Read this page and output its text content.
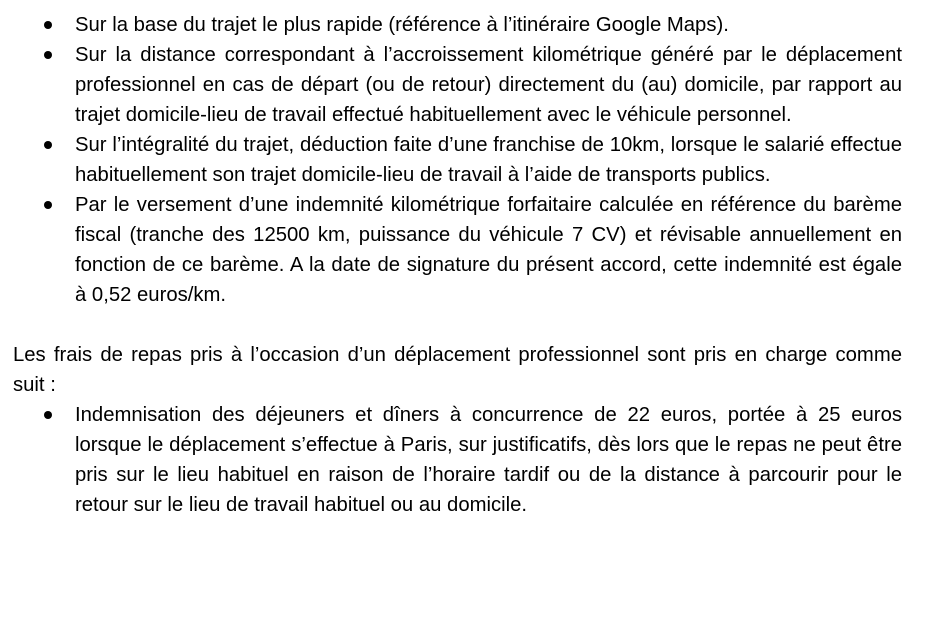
Sur la base du trajet le plus rapide (référence à l’itinéraire Google Maps).
Sur la distance correspondant à l’accroissement kilométrique généré par le déplacement professionnel en cas de départ (ou de retour) directement du (au) domicile, par rapport au trajet domicile-lieu de travail effectué habituellement avec le véhicule personnel.
Sur l’intégralité du trajet, déduction faite d’une franchise de 10km, lorsque le salarié effectue habituellement son trajet domicile-lieu de travail à l’aide de transports publics.
Par le versement d’une indemnité kilométrique forfaitaire calculée en référence du barème fiscal (tranche des 12500 km, puissance du véhicule 7 CV) et révisable annuellement en fonction de ce barème. A la date de signature du présent accord, cette indemnité est égale à 0,52 euros/km.

Les frais de repas pris à l’occasion d’un déplacement professionnel sont pris en charge comme suit :

Indemnisation des déjeuners et dîners à concurrence de 22 euros, portée à 25 euros lorsque le déplacement s’effectue à Paris, sur justificatifs, dès lors que le repas ne peut être pris sur le lieu habituel en raison de l’horaire tardif ou de la distance à parcourir pour le retour sur le lieu de travail habituel ou au domicile.
